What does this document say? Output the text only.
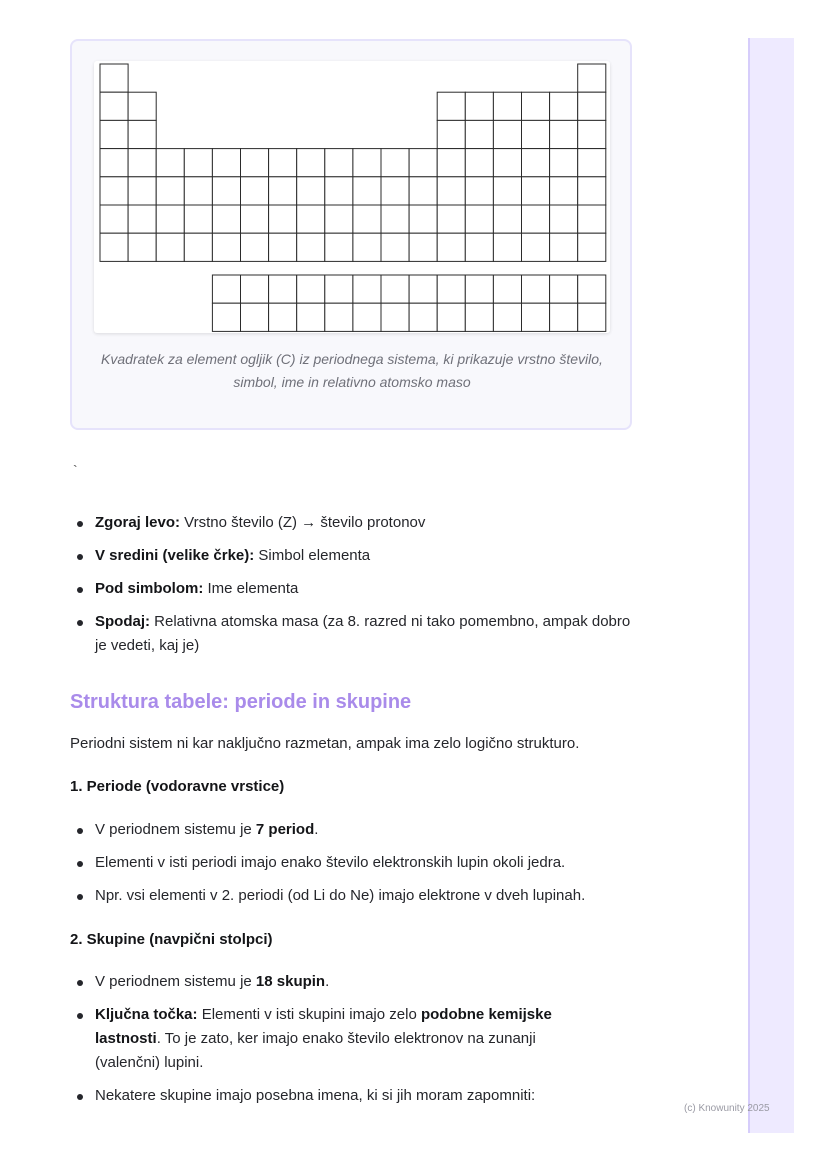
Kvadratek za element ogljik (C) iz periodnega sistema, ki prikazuje vrstno število, simbol, ime in relativno atomsko maso
`
Zgoraj levo: Vrstno število (Z) → število protonov
V sredini (velike črke): Simbol elementa
Pod simbolom: Ime elementa
Spodaj: Relativna atomska masa (za 8. razred ni tako pomembno, ampak dobro je vedeti, kaj je)
Struktura tabele: periode in skupine
Periodni sistem ni kar naključno razmetan, ampak ima zelo logično strukturo.
1. Periode (vodoravne vrstice)
V periodnem sistemu je 7 period.
Elementi v isti periodi imajo enako število elektronskih lupin okoli jedra.
Npr. vsi elementi v 2. periodi (od Li do Ne) imajo elektrone v dveh lupinah.
2. Skupine (navpični stolpci)
V periodnem sistemu je 18 skupin.
Ključna točka: Elementi v isti skupini imajo zelo podobne kemijske lastnosti. To je zato, ker imajo enako število elektronov na zunanji (valenčni) lupini.
Nekatere skupine imajo posebna imena, ki si jih moram zapomniti:
(c) Knowunity 2025
